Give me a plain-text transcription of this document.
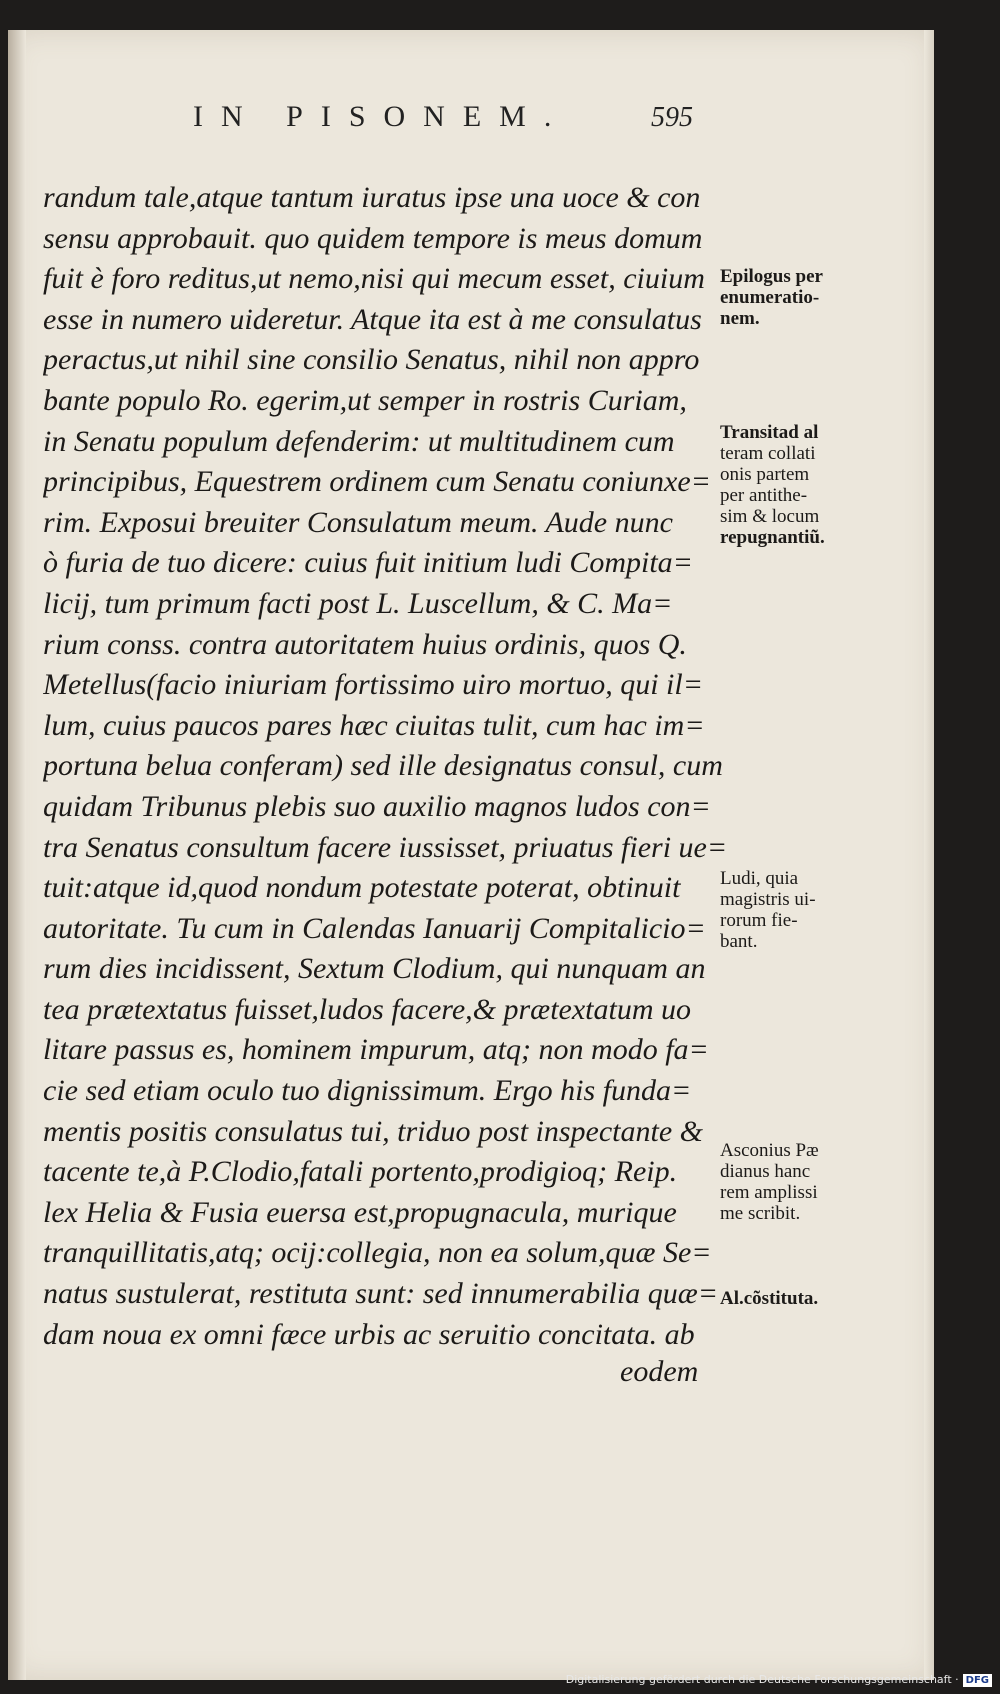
IN PISONEM.	595
randum tale,atque tantum iuratus ipse una uoce & con
sensu approbauit. quo quidem tempore is meus domum
fuit è foro reditus,ut nemo,nisi qui mecum esset, ciuium
esse in numero uideretur. Atque ita est à me consulatus
peractus,ut nihil sine consilio Senatus, nihil non appro
bante populo Ro. egerim,ut semper in rostris Curiam,
in Senatu populum defenderim: ut multitudinem cum
principibus, Equestrem ordinem cum Senatu coniunxe=
rim. Exposui breuiter Consulatum meum. Aude nunc
ò furia de tuo dicere: cuius fuit initium ludi Compita=
licij, tum primum facti post L. Luscellum, & C. Ma=
rium conss. contra autoritatem huius ordinis, quos Q.
Metellus(facio iniuriam fortissimo uiro mortuo, qui il=
lum, cuius paucos pares hæc ciuitas tulit, cum hac im=
portuna belua conferam) sed ille designatus consul, cum
quidam Tribunus plebis suo auxilio magnos ludos con=
tra Senatus consultum facere iussisset, priuatus fieri ue=
tuit:atque id,quod nondum potestate poterat, obtinuit
autoritate. Tu cum in Calendas Ianuarij Compitalicio=
rum dies incidissent, Sextum Clodium, qui nunquam an
tea prætextatus fuisset,ludos facere,& prætextatum uo
litare passus es, hominem impurum, atq; non modo fa=
cie sed etiam oculo tuo dignissimum. Ergo his funda=
mentis positis consulatus tui, triduo post inspectante &
tacente te,à P.Clodio,fatali portento,prodigioq; Reip.
lex Helia & Fusia euersa est,propugnacula, murique
tranquillitatis,atq; ocij:collegia, non ea solum,quæ Se=
natus sustulerat, restituta sunt: sed innumerabilia quæ=
dam noua ex omni fæce urbis ac seruitio concitata. ab
eodem
Epilogus per
enumeratio-
nem.
Transitad al
teram collati
onis partem
per antithe-
sim & locum
repugnantiũ.
Ludi, quia
magistris ui-
rorum fie-
bant.
Asconius Pæ
dianus hanc
rem amplissi
me scribit.
Al.cõstituta.
Digitalisierung gefördert durch die Deutsche Forschungsgemeinschaft · DFG
